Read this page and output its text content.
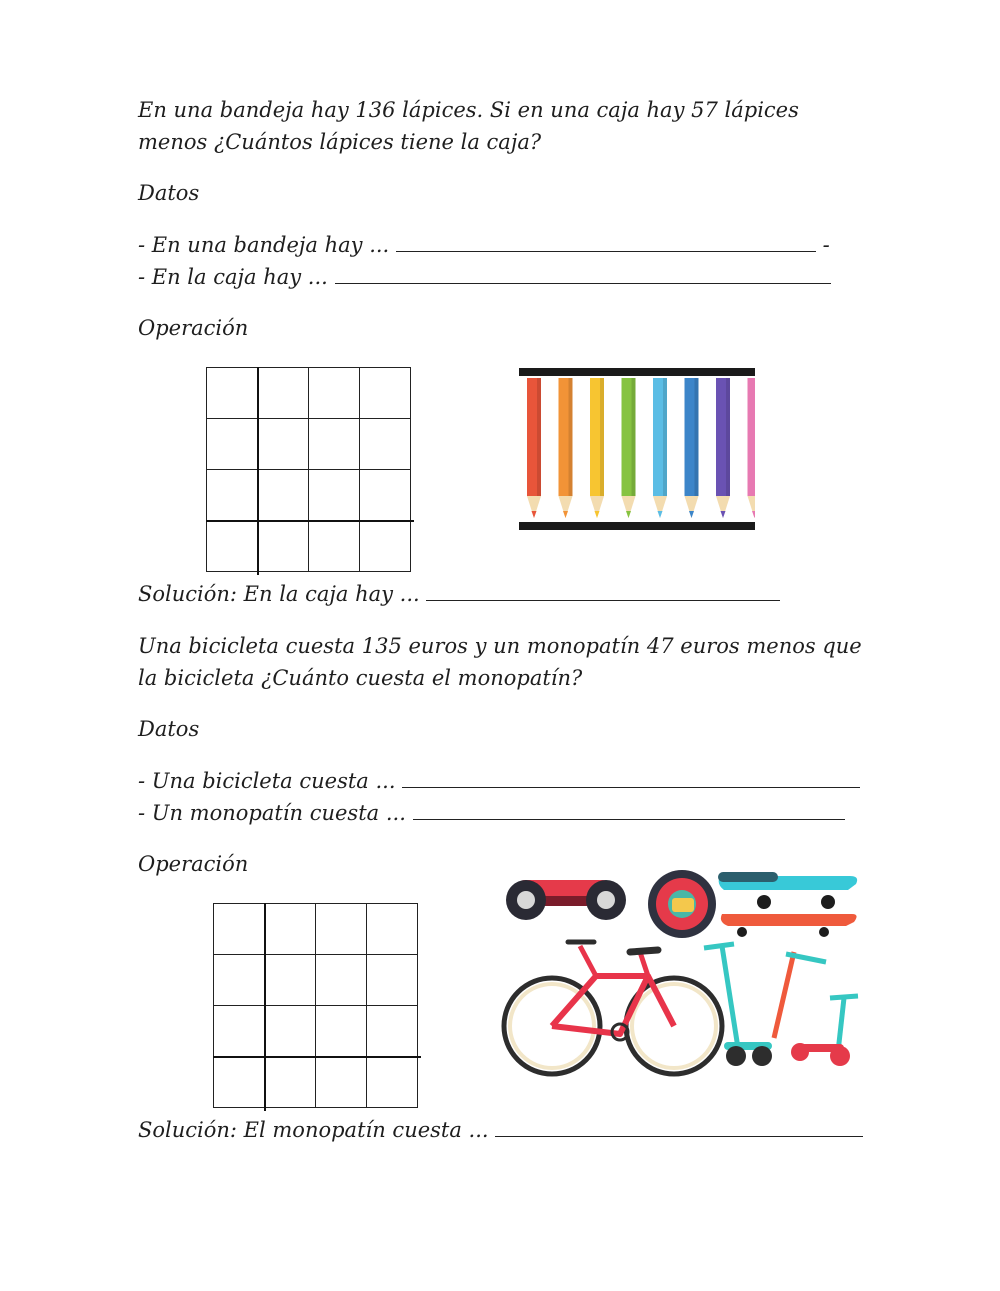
En una bandeja hay 136 lápices. Si en una caja hay 57 lápices
menos ¿Cuántos lápices tiene la caja?
Datos
- En una bandeja hay ...	-
- En la caja hay ...
Operación

Solución: En la caja hay ...
Una bicicleta cuesta 135 euros y un monopatín 47 euros menos que
la bicicleta ¿Cuánto cuesta el monopatín?
Datos
- Una bicicleta cuesta ...
- Un monopatín cuesta ...
Operación

Solución: El monopatín cuesta ...
